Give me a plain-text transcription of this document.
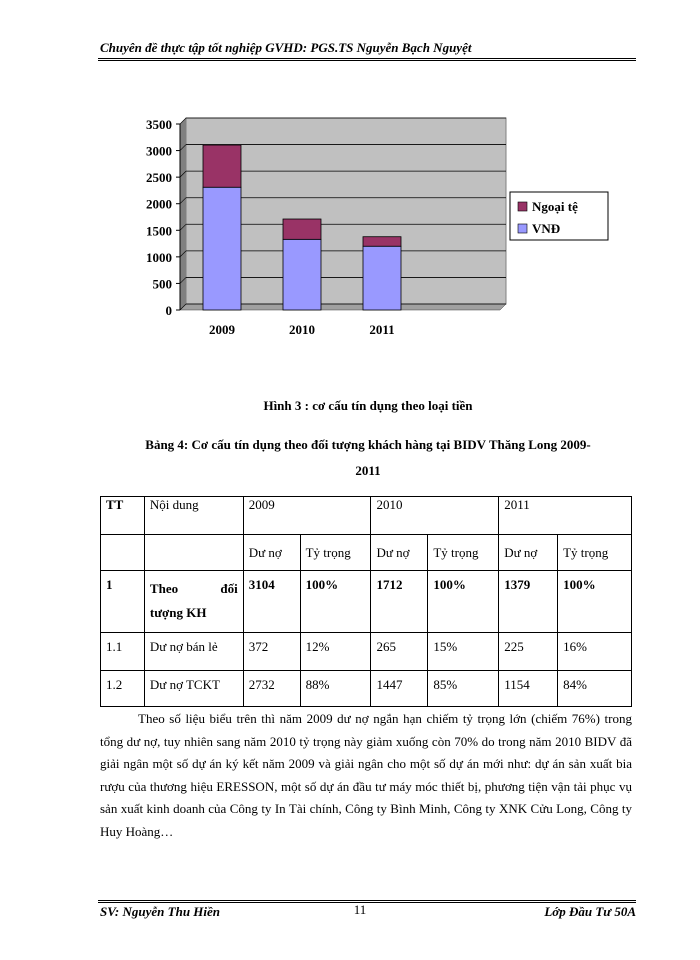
Chuyên đề thực tập tốt nghiệp GVHD: PGS.TS Nguyễn Bạch Nguyệt
0
500
1000
1500
2000
2500
3000
3500
2009	2010	2011
Ngoại tệ
VNĐ
Hình 3 : cơ cấu tín dụng theo loại tiền
Bảng 4: Cơ cấu tín dụng theo đối tượng khách hàng tại BIDV Thăng Long 2009-
2011
TT	Nội dung	2009		2010		2011	
		Dư nợ	Tỷ trọng	Dư nợ	Tỷ trọng	Dư nợ	Tỷ trọng
1	Theo đối
tượng KH	3104	100%	1712	100%	1379	100%
1.1	Dư nợ bán lẻ	372	12%	265	15%	225	16%
1.2	Dư nợ TCKT	2732	88%	1447	85%	1154	84%
Theo số liệu biểu trên thì năm 2009 dư nợ ngắn hạn chiếm tỷ trọng lớn (chiếm 76%) trong tổng dư nợ, tuy nhiên sang năm 2010 tỷ trọng này giảm xuống còn 70% do trong năm 2010 BIDV đã giải ngân một số dự án ký kết năm 2009 và giải ngân cho một số dự án mới như: dự án sản xuất bia rượu của thương hiệu ERESSON, một số dự án đầu tư máy móc thiết bị, phương tiện vận tải phục vụ sản xuất kinh doanh của Công ty In Tài chính, Công ty Bình Minh, Công ty XNK Cửu Long, Công ty Huy Hoàng…
SV: Nguyễn Thu Hiền	11	Lớp Đầu Tư 50A
